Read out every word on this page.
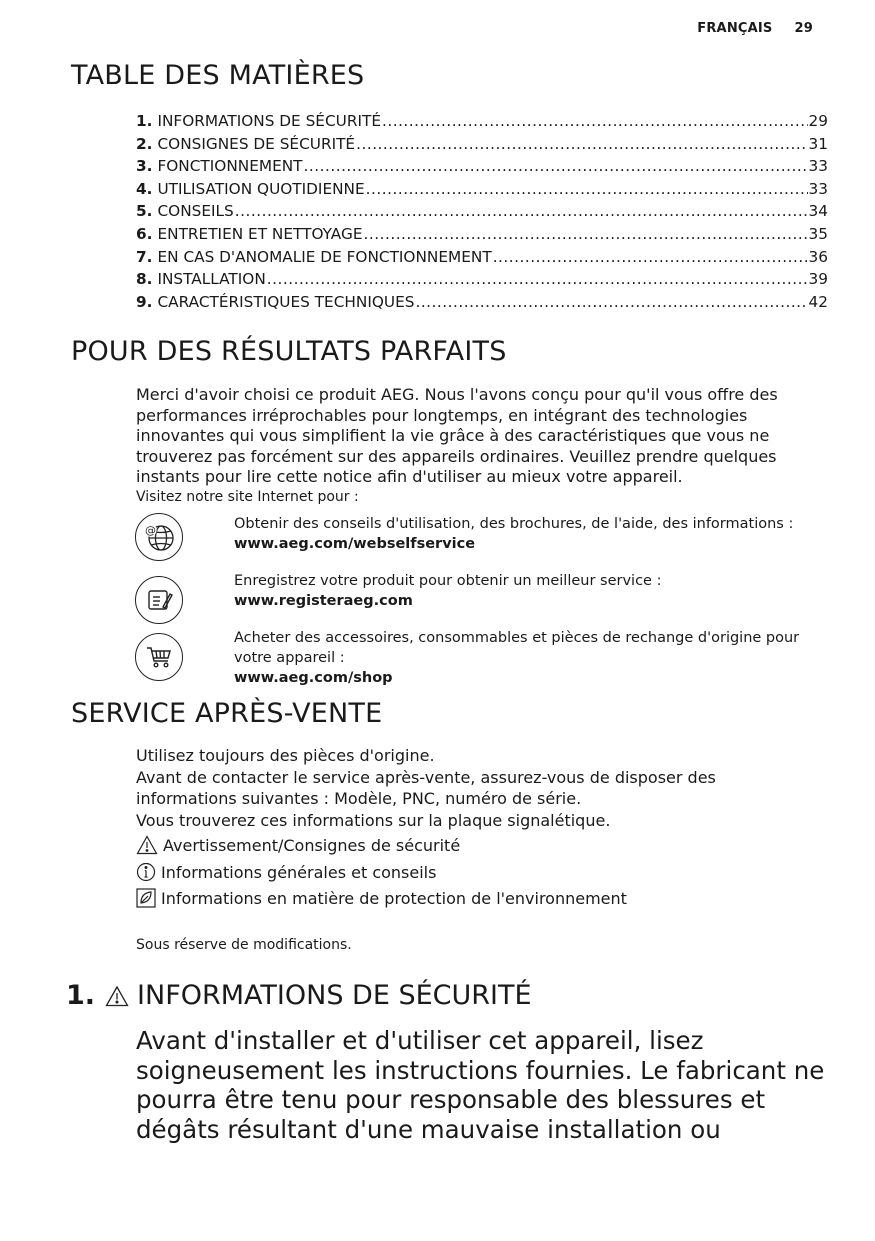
FRANÇAIS 29
TABLE DES MATIÈRES
1. INFORMATIONS DE SÉCURITÉ .....	29
2. CONSIGNES DE SÉCURITÉ .....	31
3. FONCTIONNEMENT .....	33
4. UTILISATION QUOTIDIENNE .....	33
5. CONSEILS .....	34
6. ENTRETIEN ET NETTOYAGE .....	35
7. EN CAS D'ANOMALIE DE FONCTIONNEMENT .....	36
8. INSTALLATION .....	39
9. CARACTÉRISTIQUES TECHNIQUES .....	42
POUR DES RÉSULTATS PARFAITS
Merci d'avoir choisi ce produit AEG. Nous l'avons conçu pour qu'il vous offre des performances irréprochables pour longtemps, en intégrant des technologies innovantes qui vous simplifient la vie grâce à des caractéristiques que vous ne trouverez pas forcément sur des appareils ordinaires. Veuillez prendre quelques instants pour lire cette notice afin d'utiliser au mieux votre appareil.
Visitez notre site Internet pour :
@	Obtenir des conseils d'utilisation, des brochures, de l'aide, des informations :
www.aeg.com/webselfservice
Enregistrez votre produit pour obtenir un meilleur service :
www.registeraeg.com
Acheter des accessoires, consommables et pièces de rechange d'origine pour votre appareil :
www.aeg.com/shop
SERVICE APRÈS-VENTE
Utilisez toujours des pièces d'origine.
Avant de contacter le service après-vente, assurez-vous de disposer des
informations suivantes : Modèle, PNC, numéro de série.
Vous trouverez ces informations sur la plaque signalétique.
Avertissement/Consignes de sécurité
Informations générales et conseils
Informations en matière de protection de l'environnement
Sous réserve de modifications.
1. INFORMATIONS DE SÉCURITÉ
Avant d'installer et d'utiliser cet appareil, lisez soigneusement les instructions fournies. Le fabricant ne pourra être tenu pour responsable des blessures et dégâts résultant d'une mauvaise installation ou
